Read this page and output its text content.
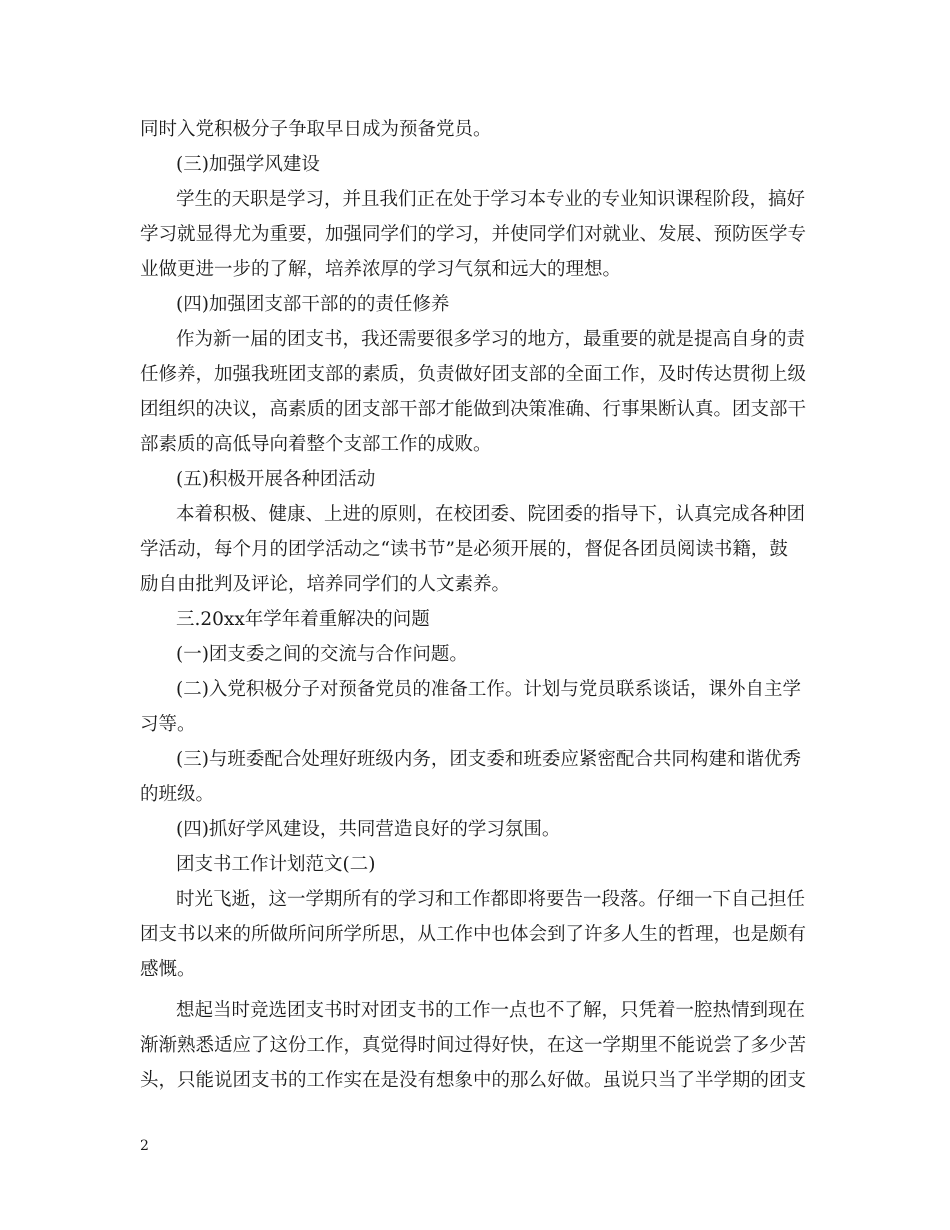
同时入党积极分子争取早日成为预备党员。

(三)加强学风建设

学生的天职是学习，并且我们正在处于学习本专业的专业知识课程阶段，搞好

学习就显得尤为重要，加强同学们的学习，并使同学们对就业、发展、预防医学专

业做更进一步的了解，培养浓厚的学习气氛和远大的理想。

(四)加强团支部干部的的责任修养

作为新一届的团支书，我还需要很多学习的地方，最重要的就是提高自身的责

任修养，加强我班团支部的素质，负责做好团支部的全面工作，及时传达贯彻上级

团组织的决议，高素质的团支部干部才能做到决策准确、行事果断认真。团支部干

部素质的高低导向着整个支部工作的成败。

(五)积极开展各种团活动

本着积极、健康、上进的原则，在校团委、院团委的指导下，认真完成各种团

学活动，每个月的团学活动之“读书节”是必须开展的，督促各团员阅读书籍，鼓

励自由批判及评论，培养同学们的人文素养。

三.20xx年学年着重解决的问题

(一)团支委之间的交流与合作问题。

(二)入党积极分子对预备党员的准备工作。计划与党员联系谈话，课外自主学

习等。

(三)与班委配合处理好班级内务，团支委和班委应紧密配合共同构建和谐优秀

的班级。

(四)抓好学风建设，共同营造良好的学习氛围。

团支书工作计划范文(二)

时光飞逝，这一学期所有的学习和工作都即将要告一段落。仔细一下自己担任

团支书以来的所做所问所学所思，从工作中也体会到了许多人生的哲理，也是颇有

感慨。

想起当时竞选团支书时对团支书的工作一点也不了解，只凭着一腔热情到现在

渐渐熟悉适应了这份工作，真觉得时间过得好快，在这一学期里不能说尝了多少苦

头，只能说团支书的工作实在是没有想象中的那么好做。虽说只当了半学期的团支

2
